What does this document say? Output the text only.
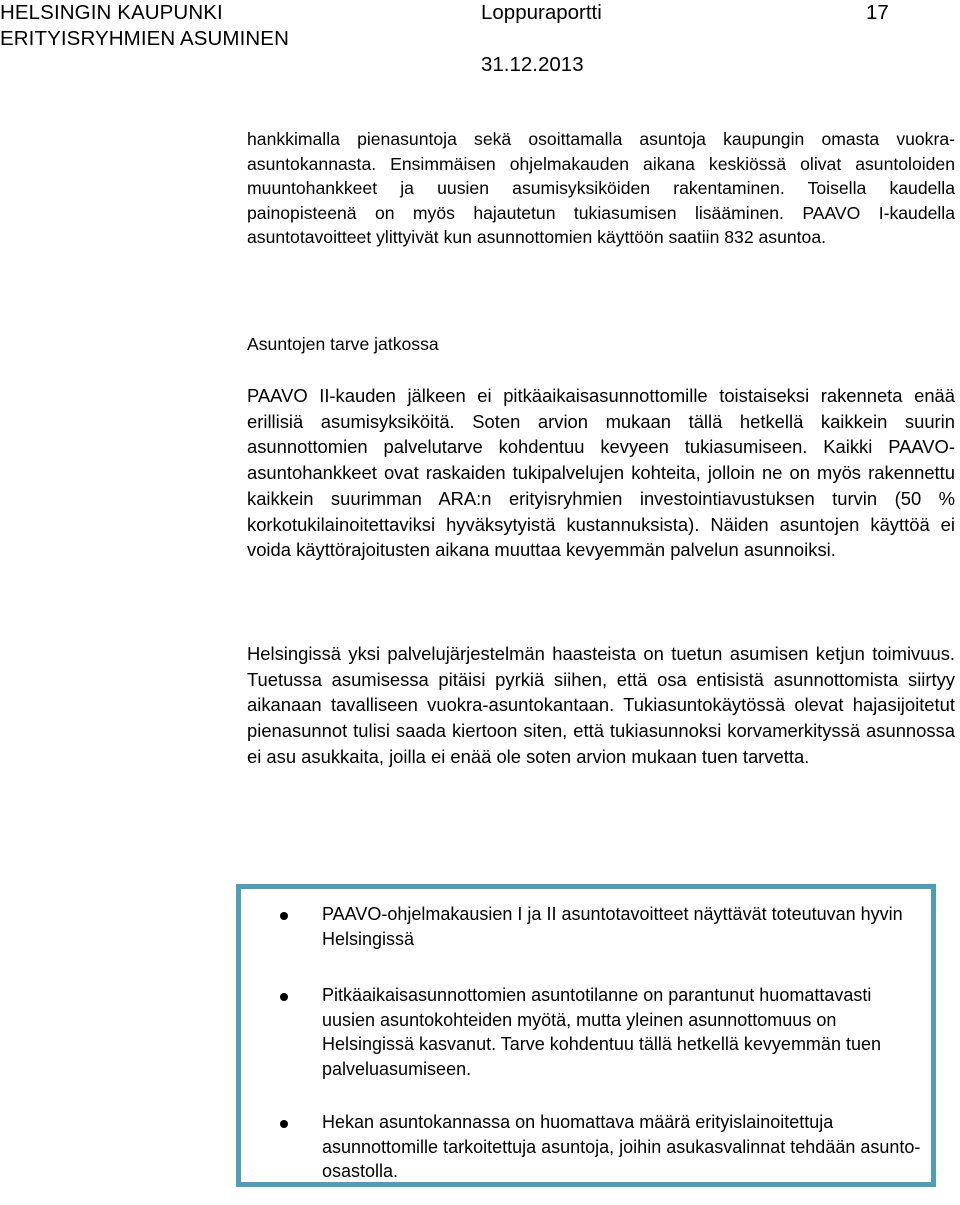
HELSINGIN KAUPUNKI
ERITYISRYHMIEN ASUMINEN
Loppuraportti	17
31.12.2013

hankkimalla pienasuntoja sekä osoittamalla asuntoja kaupungin omasta vuokra-asuntokannasta. Ensimmäisen ohjelmakauden aikana keskiössä olivat asuntoloiden muuntohankkeet ja uusien asumisyksiköiden rakentaminen. Toisella kaudella painopisteenä on myös hajautetun tukiasumisen lisääminen. PAAVO I-kaudella asuntotavoitteet ylittyivät kun asunnottomien käyttöön saatiin 832 asuntoa.

Asuntojen tarve jatkossa

PAAVO II-kauden jälkeen ei pitkäaikaisasunnottomille toistaiseksi rakenneta enää erillisiä asumisyksiköitä. Soten arvion mukaan tällä hetkellä kaikkein suurin asunnottomien palvelutarve kohdentuu kevyeen tukiasumiseen. Kaikki PAAVO- asuntohankkeet ovat raskaiden tukipalvelujen kohteita, jolloin ne on myös rakennettu kaikkein suurimman ARA:n erityisryhmien investointiavustuksen turvin (50 % korkotukilainoitettaviksi hyväksytyistä kustannuksista). Näiden asuntojen käyttöä ei voida käyttörajoitusten aikana muuttaa kevyemmän palvelun asunnoiksi.

Helsingissä yksi palvelujärjestelmän haasteista on tuetun asumisen ketjun toimivuus. Tuetussa asumisessa pitäisi pyrkiä siihen, että osa entisistä asunnottomista siirtyy aikanaan tavalliseen vuokra-asuntokantaan. Tukiasuntokäytössä olevat hajasijoitetut pienasunnot tulisi saada kiertoon siten, että tukiasunnoksi korvamerkityssä asunnossa ei asu asukkaita, joilla ei enää ole soten arvion mukaan tuen tarvetta.

PAAVO-ohjelmakausien I ja II asuntotavoitteet näyttävät toteutuvan hyvin Helsingissä
Pitkäaikaisasunnottomien asuntotilanne on parantunut huomattavasti uusien asuntokohteiden myötä, mutta yleinen asunnottomuus on Helsingissä kasvanut. Tarve kohdentuu tällä hetkellä kevyemmän tuen palveluasumiseen.
Hekan asuntokannassa on huomattava määrä erityislainoitettuja asunnottomille tarkoitettuja asuntoja, joihin asukasvalinnat tehdään asunto-osastolla.
